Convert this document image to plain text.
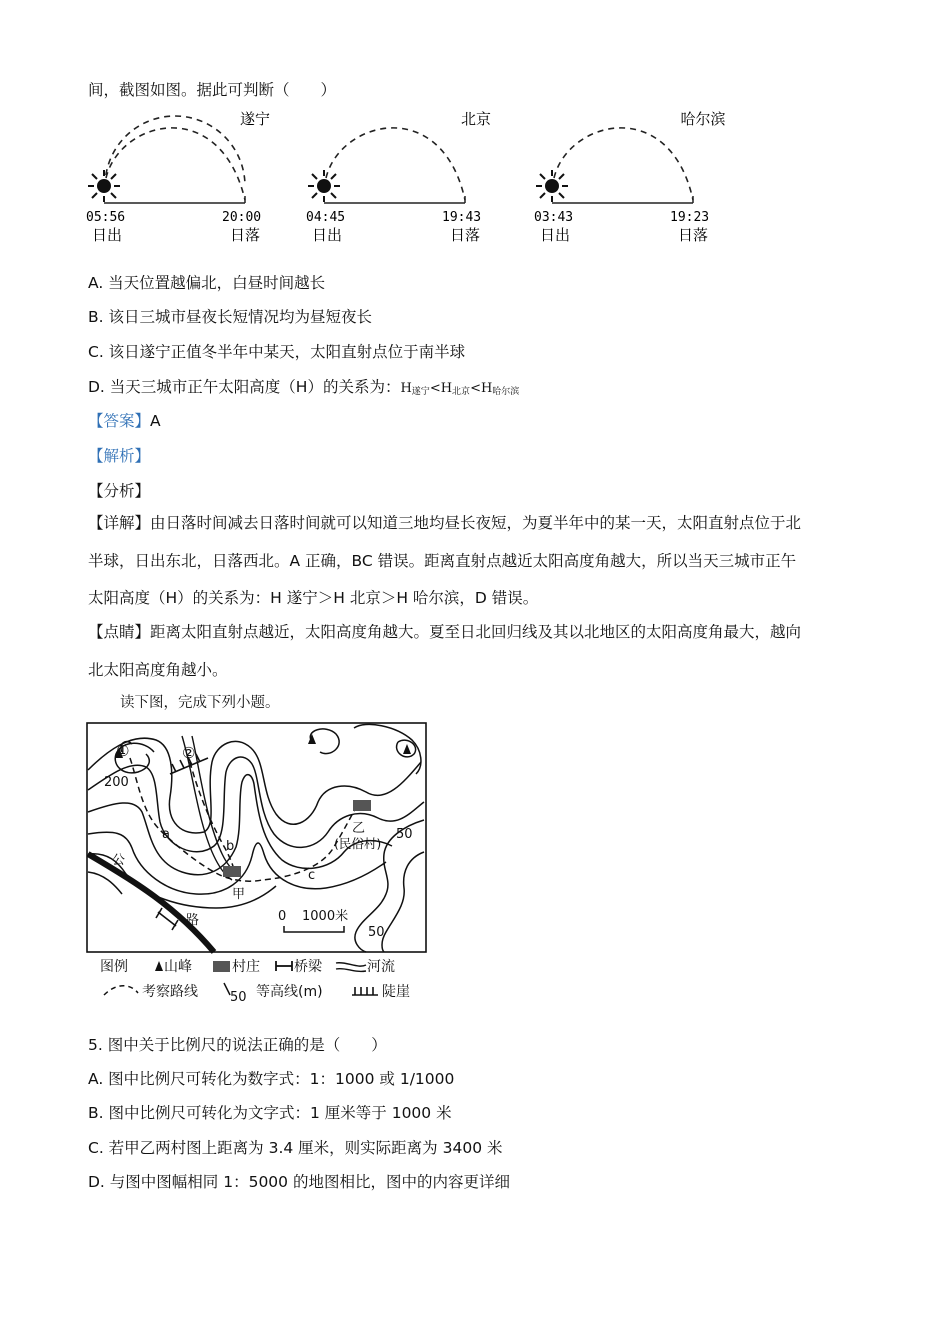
间，截图如图。据此可判断（　　）
遂宁
05:56	20:00
日出	日落
北京
04:45	19:43
日出	日落
哈尔滨
03:43	19:23
日出	日落
A. 当天位置越偏北，白昼时间越长
B. 该日三城市昼夜长短情况均为昼短夜长
C. 该日遂宁正值冬半年中某天，太阳直射点位于南半球
D. 当天三城市正午太阳高度（H）的关系为：$H_{遂宁}<H_{北京}<H_{哈尔滨}$
【答案】A
【解析】
【分析】
【详解】由日落时间减去日落时间就可以知道三地均昼长夜短，为夏半年中的某一天，太阳直射点位于北
半球，日出东北，日落西北。A 正确，BC 错误。距离直射点越近太阳高度角越大，所以当天三城市正午
太阳高度（H）的关系为：H 遂宁＞H 北京＞H 哈尔滨，D 错误。
【点睛】距离太阳直射点越近，太阳高度角越大。夏至日北回归线及其以北地区的太阳高度角最大，越向
北太阳高度角越小。
读下图，完成下列小题。
200
50
50
a
b
c
甲
乙
(民俗村)
公
路
①	②
0 1000米
图例	山峰	村庄 桥梁	河流
考察路线 50 等高线(m)	陡崖
5. 图中关于比例尺的说法正确的是（　　）
A. 图中比例尺可转化为数字式：1：1000 或 1/1000
B. 图中比例尺可转化为文字式：1 厘米等于 1000 米
C. 若甲乙两村图上距离为 3.4 厘米，则实际距离为 3400 米
D. 与图中图幅相同 1：5000 的地图相比，图中的内容更详细
